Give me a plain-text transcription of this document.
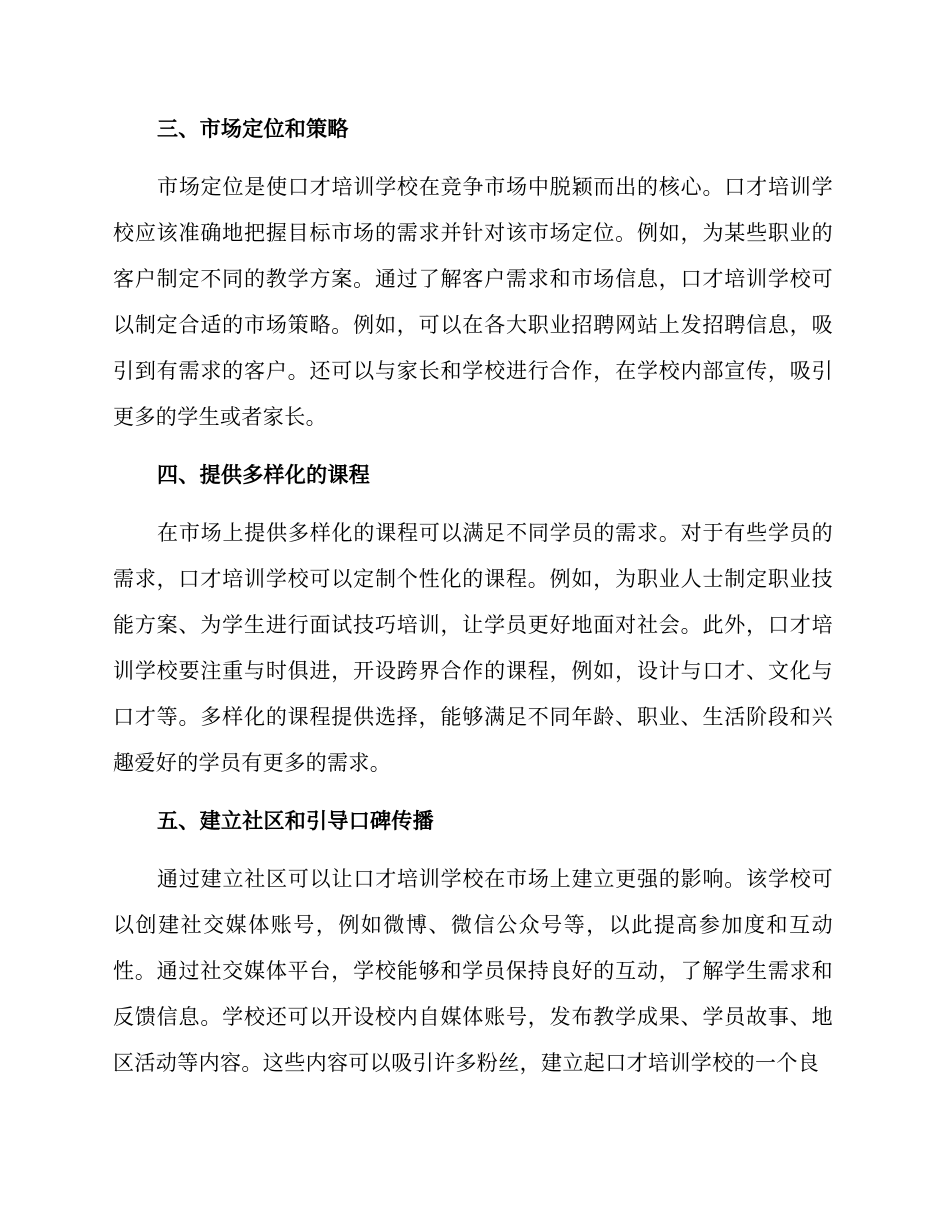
三、市场定位和策略

市场定位是使口才培训学校在竞争市场中脱颖而出的核心。口才培训学校应该准确地把握目标市场的需求并针对该市场定位。例如，为某些职业的客户制定不同的教学方案。通过了解客户需求和市场信息，口才培训学校可以制定合适的市场策略。例如，可以在各大职业招聘网站上发招聘信息，吸引到有需求的客户。还可以与家长和学校进行合作，在学校内部宣传，吸引更多的学生或者家长。

四、提供多样化的课程

在市场上提供多样化的课程可以满足不同学员的需求。对于有些学员的需求，口才培训学校可以定制个性化的课程。例如，为职业人士制定职业技能方案、为学生进行面试技巧培训，让学员更好地面对社会。此外，口才培训学校要注重与时俱进，开设跨界合作的课程，例如，设计与口才、文化与口才等。多样化的课程提供选择，能够满足不同年龄、职业、生活阶段和兴趣爱好的学员有更多的需求。

五、建立社区和引导口碑传播

通过建立社区可以让口才培训学校在市场上建立更强的影响。该学校可以创建社交媒体账号，例如微博、微信公众号等，以此提高参加度和互动性。通过社交媒体平台，学校能够和学员保持良好的互动，了解学生需求和反馈信息。学校还可以开设校内自媒体账号，发布教学成果、学员故事、地区活动等内容。这些内容可以吸引许多粉丝，建立起口才培训学校的一个良
